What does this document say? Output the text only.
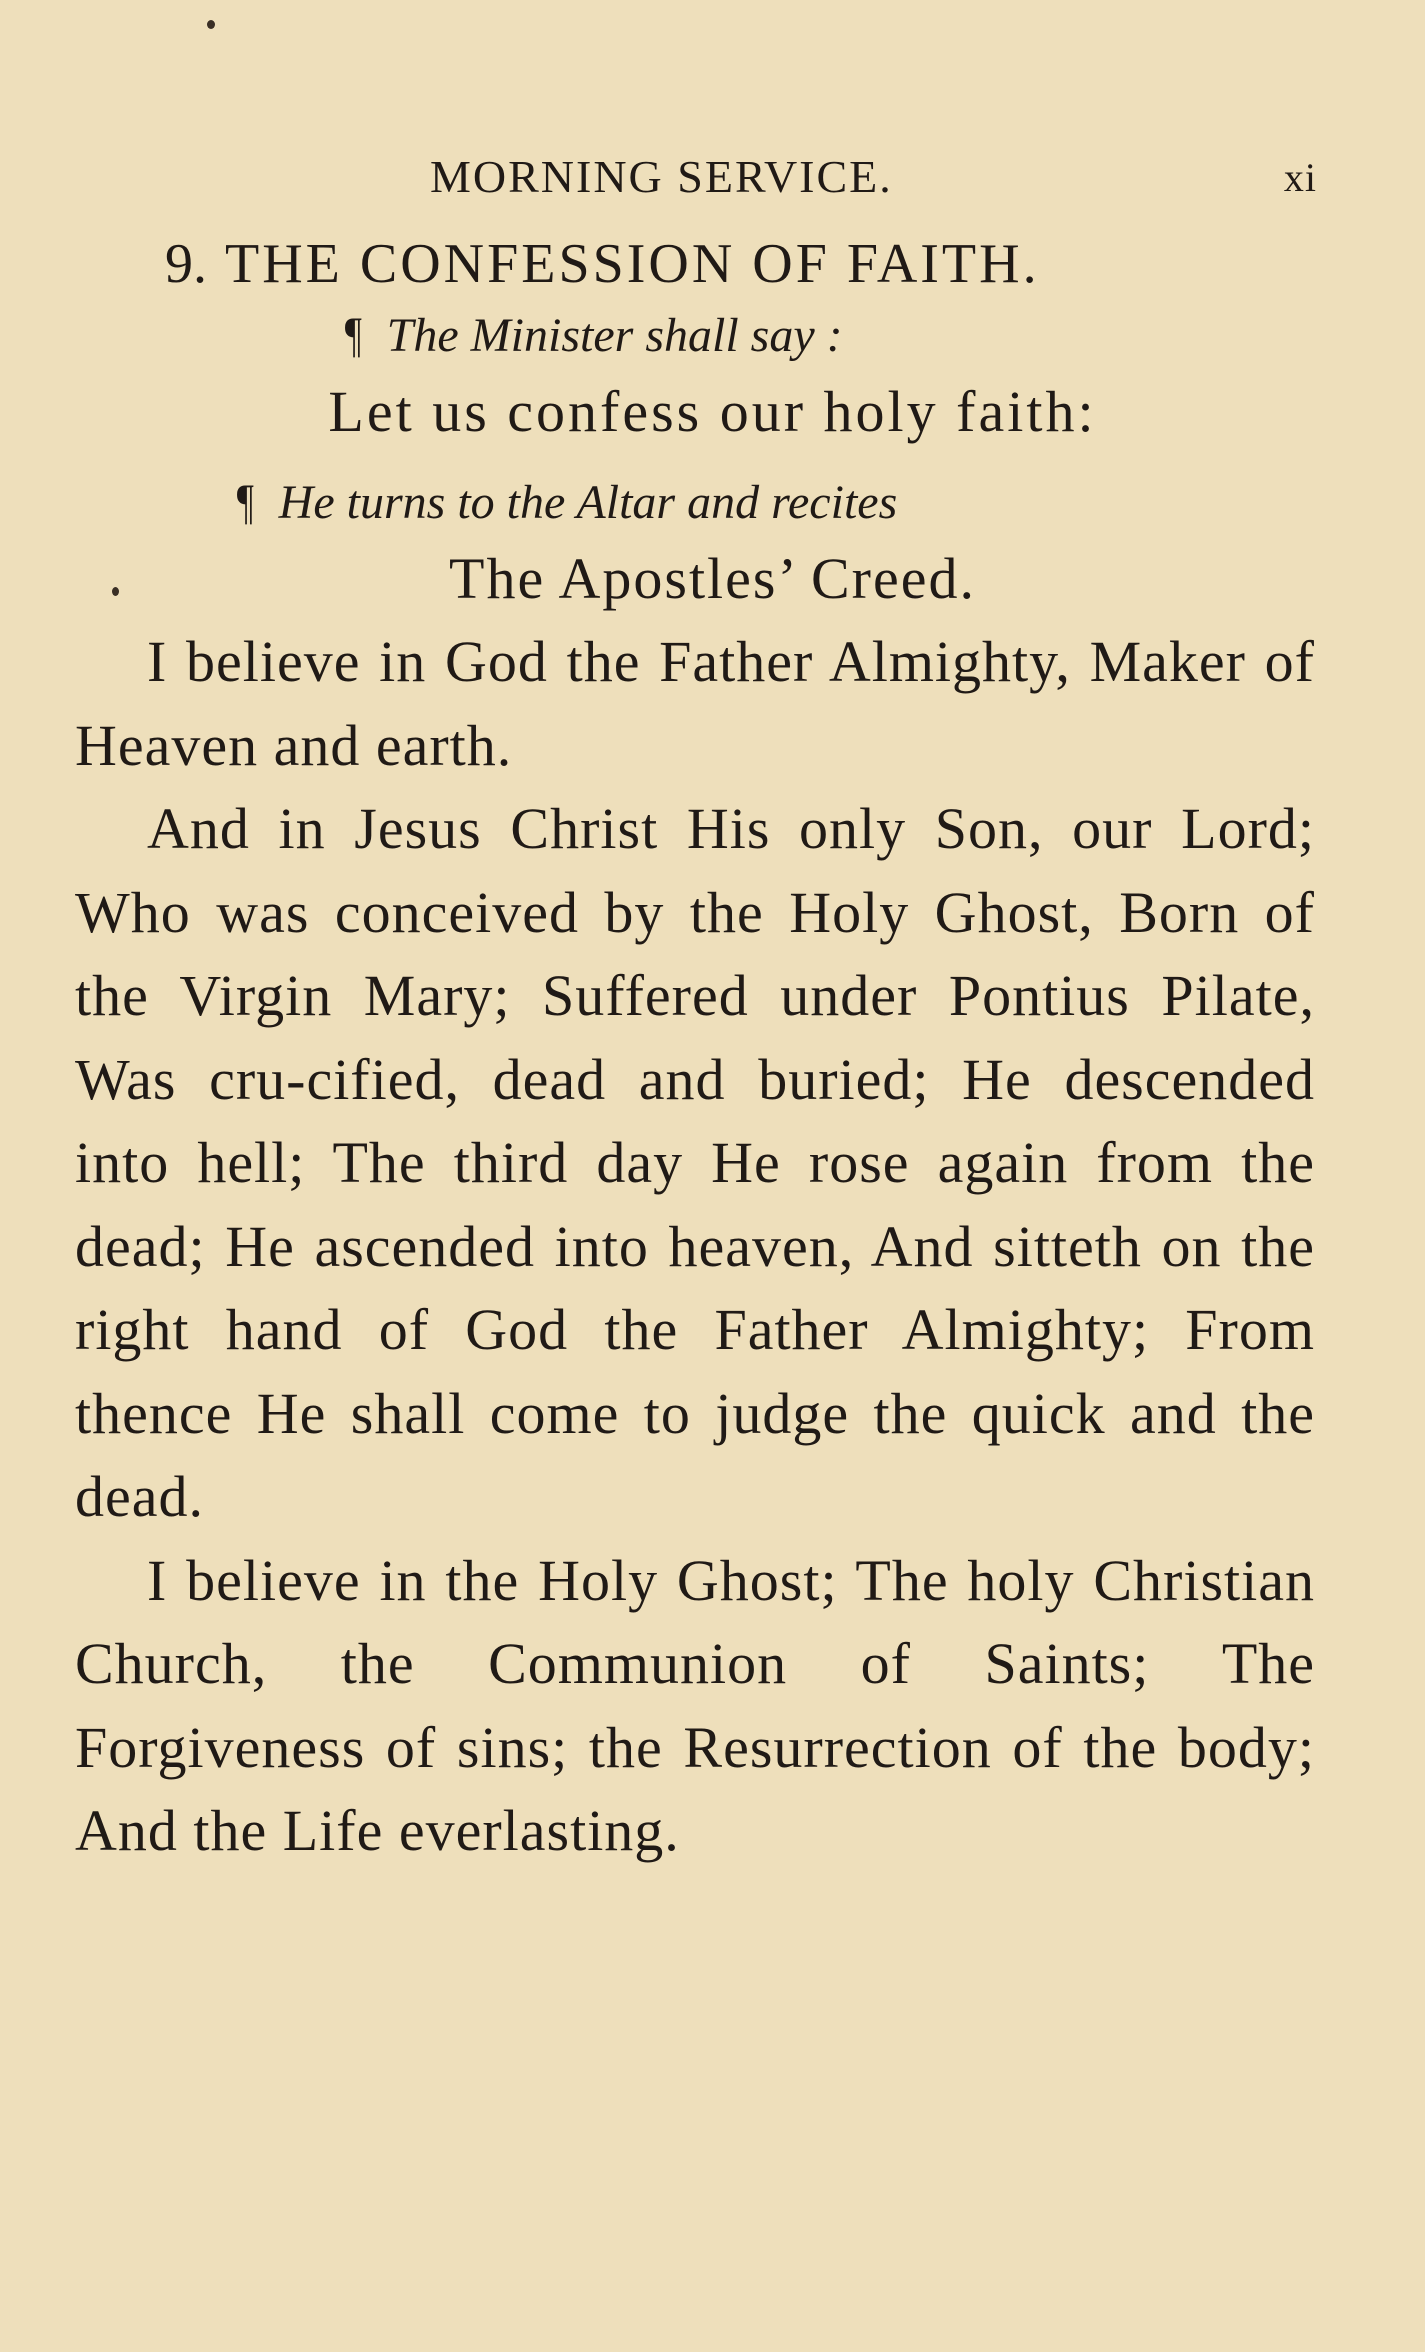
MORNING SERVICE.	xi
9. THE CONFESSION OF FAITH.
¶ The Minister shall say :
Let us confess our holy faith:
¶ He turns to the Altar and recites
The Apostles’ Creed.

I believe in God the Father Almighty, Maker of Heaven and earth.

And in Jesus Christ His only Son, our Lord; Who was conceived by the Holy Ghost, Born of the Virgin Mary; Suffered under Pontius Pilate, Was cru-cified, dead and buried; He descended into hell; The third day He rose again from the dead; He ascended into heaven, And sitteth on the right hand of God the Father Almighty; From thence He shall come to judge the quick and the dead.

I believe in the Holy Ghost; The holy Christian Church, the Communion of Saints; The Forgiveness of sins; the Resurrection of the body; And the Life everlasting.
